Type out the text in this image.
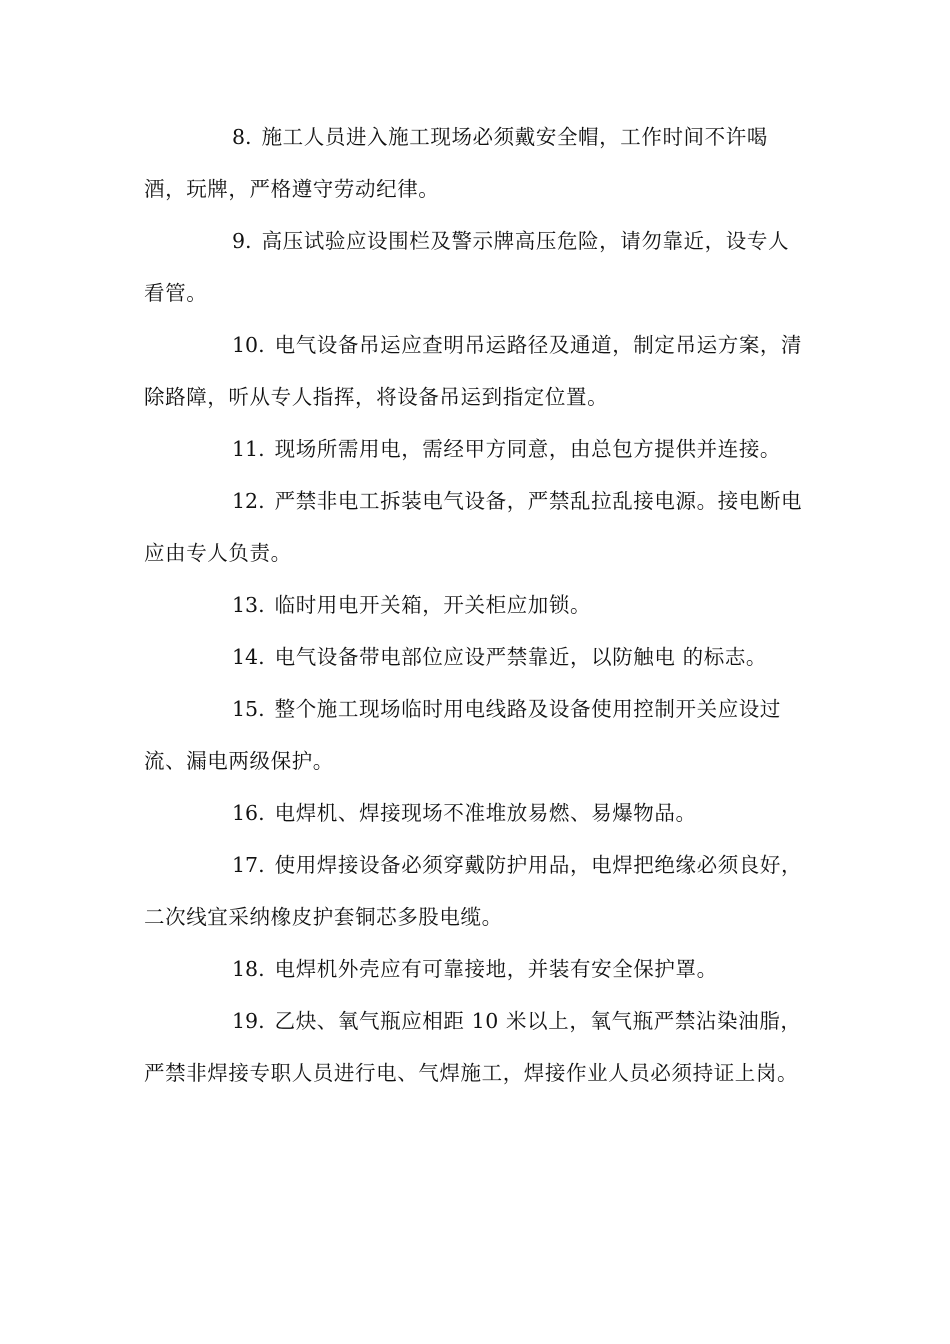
8. 施工人员进入施工现场必须戴安全帽，工作时间不许喝酒，玩牌，严格遵守劳动纪律。

9. 高压试验应设围栏及警示牌高压危险，请勿靠近，设专人看管。

10. 电气设备吊运应查明吊运路径及通道，制定吊运方案，清除路障，听从专人指挥，将设备吊运到指定位置。

11. 现场所需用电，需经甲方同意，由总包方提供并连接。

12. 严禁非电工拆装电气设备，严禁乱拉乱接电源。接电断电应由专人负责。

13. 临时用电开关箱，开关柜应加锁。

14. 电气设备带电部位应设严禁靠近，以防触电 的标志。

15. 整个施工现场临时用电线路及设备使用控制开关应设过流、漏电两级保护。

16. 电焊机、焊接现场不准堆放易燃、易爆物品。

17. 使用焊接设备必须穿戴防护用品，电焊把绝缘必须良好，二次线宜采纳橡皮护套铜芯多股电缆。

18. 电焊机外壳应有可靠接地，并装有安全保护罩。

19. 乙炔、氧气瓶应相距 10 米以上，氧气瓶严禁沾染油脂，严禁非焊接专职人员进行电、气焊施工，焊接作业人员必须持证上岗。
